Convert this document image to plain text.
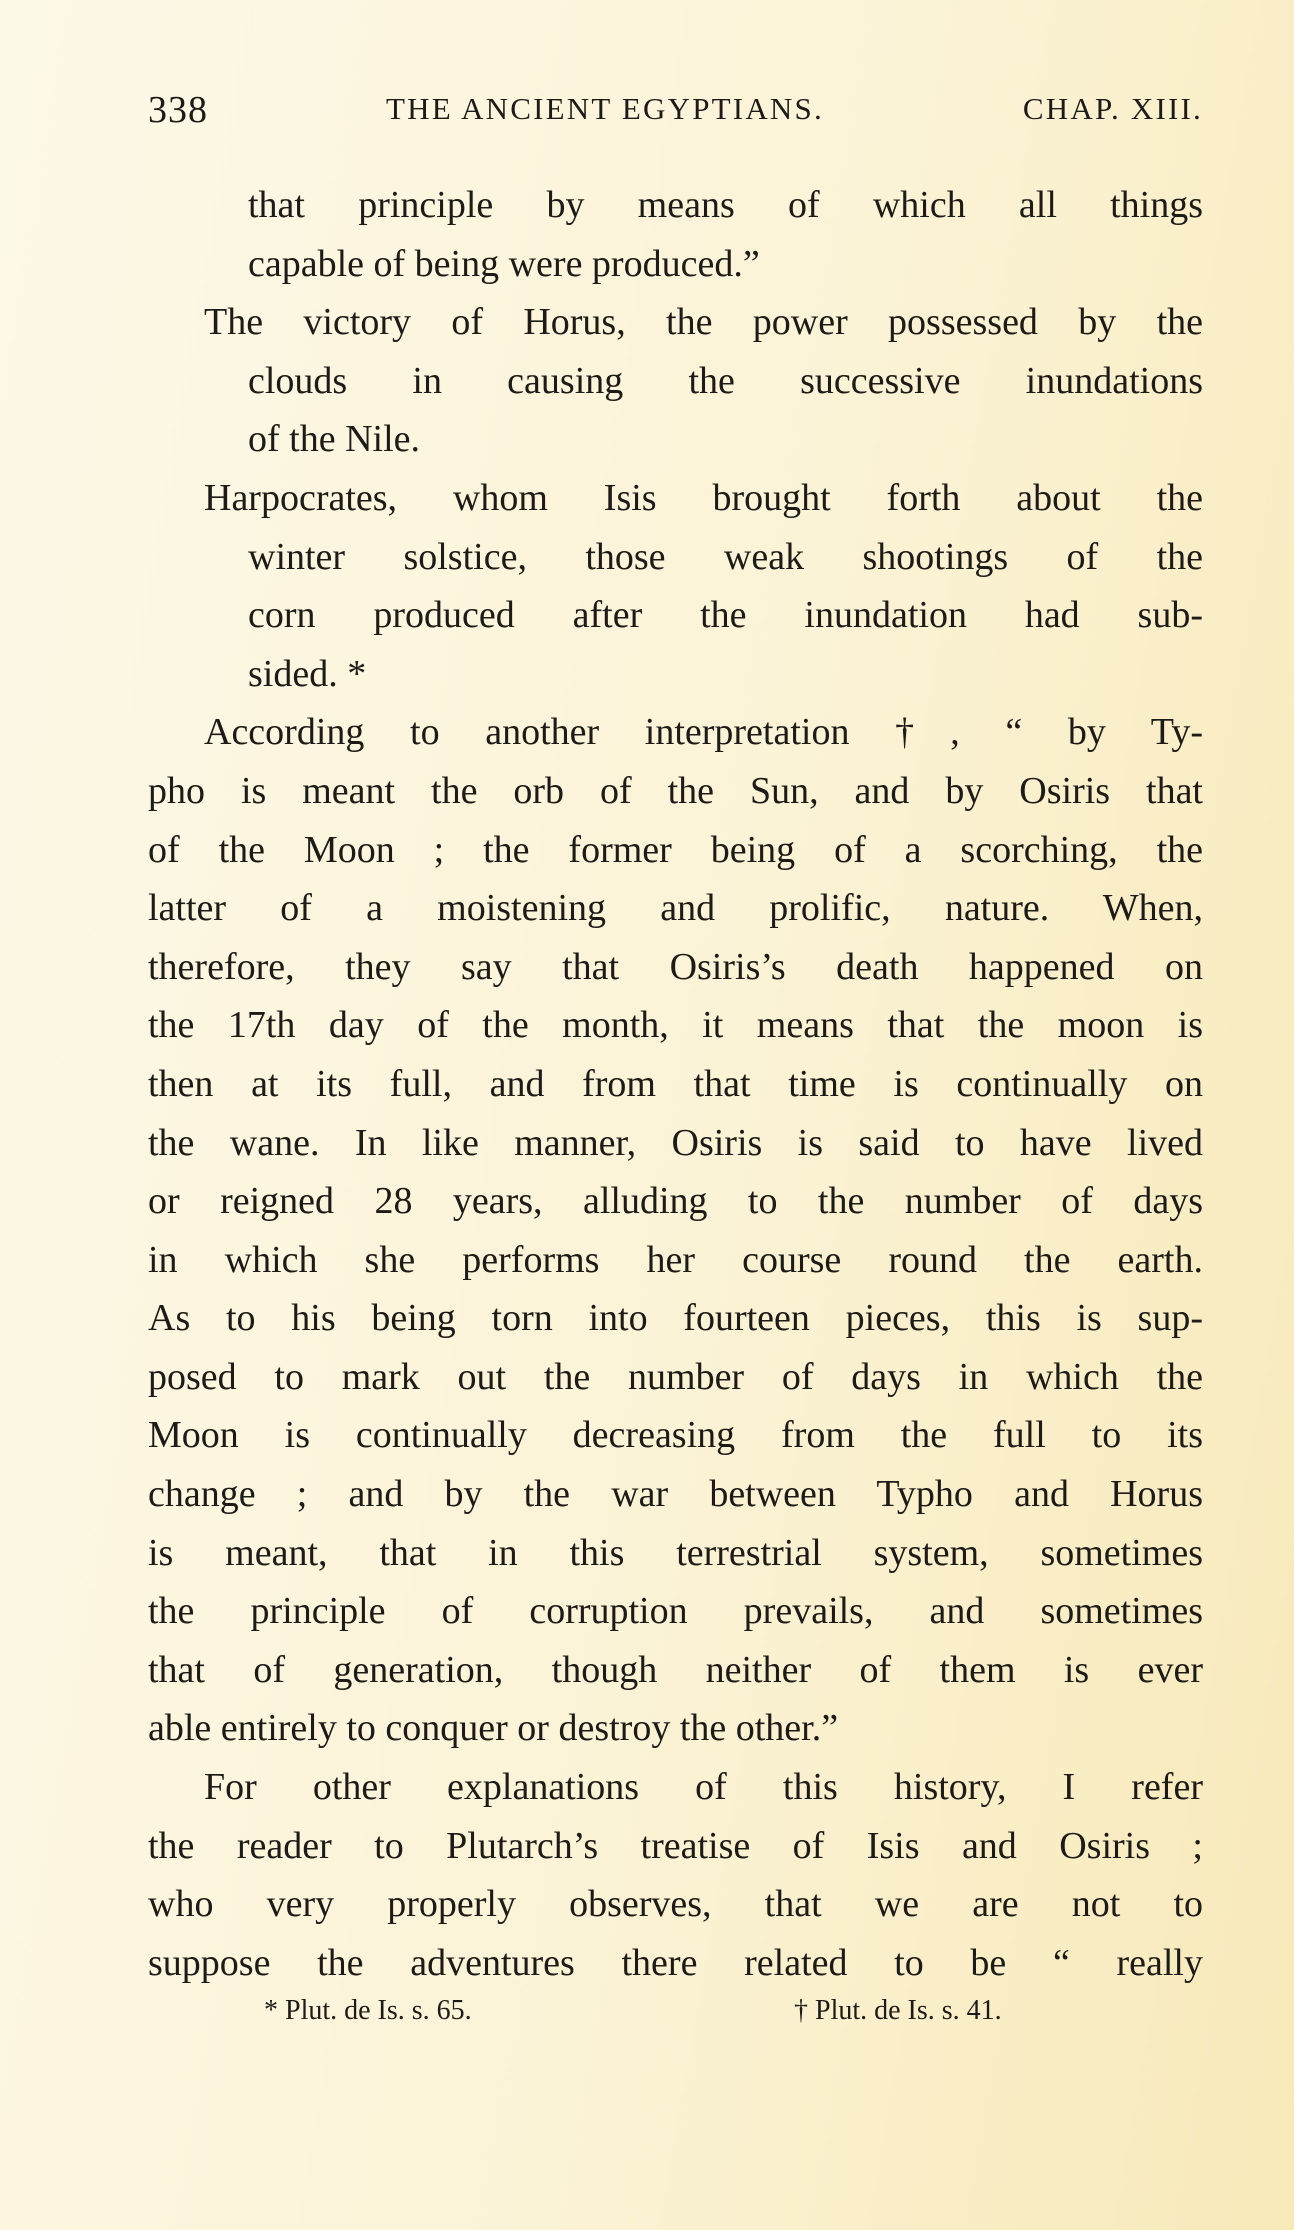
338	THE ANCIENT EGYPTIANS.	CHAP. XIII.
that principle by means of which all things
capable of being were produced.”
The victory of Horus, the power possessed by the
clouds in causing the successive inundations
of the Nile.
Harpocrates, whom Isis brought forth about the
winter solstice, those weak shootings of the
corn produced after the inundation had sub-
sided. *
According to another interpretation †, “ by Ty-
pho is meant the orb of the Sun, and by Osiris that
of the Moon ; the former being of a scorching, the
latter of a moistening and prolific, nature. When,
therefore, they say that Osiris’s death happened on
the 17th day of the month, it means that the moon is
then at its full, and from that time is continually on
the wane. In like manner, Osiris is said to have lived
or reigned 28 years, alluding to the number of days
in which she performs her course round the earth.
As to his being torn into fourteen pieces, this is sup-
posed to mark out the number of days in which the
Moon is continually decreasing from the full to its
change ; and by the war between Typho and Horus
is meant, that in this terrestrial system, sometimes
the principle of corruption prevails, and sometimes
that of generation, though neither of them is ever
able entirely to conquer or destroy the other.”
For other explanations of this history, I refer
the reader to Plutarch’s treatise of Isis and Osiris ;
who very properly observes, that we are not to
suppose the adventures there related to be “ really
* Plut. de Is. s. 65.	† Plut. de Is. s. 41.
